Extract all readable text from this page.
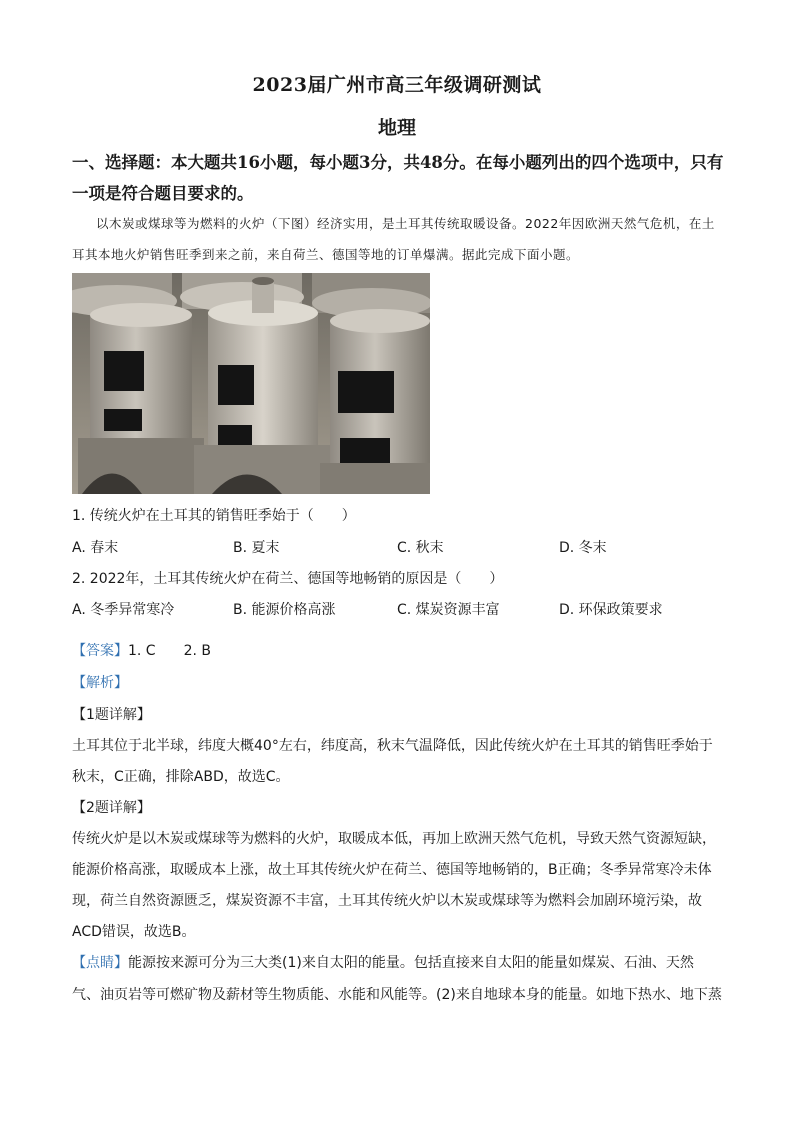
2023届广州市高三年级调研测试
地理
一、选择题：本大题共16小题，每小题3分，共48分。在每小题列出的四个选项中，只有一项是符合题目要求的。
以木炭或煤球等为燃料的火炉（下图）经济实用，是土耳其传统取暖设备。2022年因欧洲天然气危机，在土耳其本地火炉销售旺季到来之前，来自荷兰、德国等地的订单爆满。据此完成下面小题。
1. 传统火炉在土耳其的销售旺季始于（　　）
A. 春末	B. 夏末	C. 秋末	D. 冬末
2. 2022年，土耳其传统火炉在荷兰、德国等地畅销的原因是（　　）
A. 冬季异常寒冷	B. 能源价格高涨	C. 煤炭资源丰富	D. 环保政策要求
【答案】1. C　　2. B
【解析】
【1题详解】
土耳其位于北半球，纬度大概40°左右，纬度高，秋末气温降低，因此传统火炉在土耳其的销售旺季始于
秋末，C正确，排除ABD，故选C。
【2题详解】
传统火炉是以木炭或煤球等为燃料的火炉，取暖成本低，再加上欧洲天然气危机，导致天然气资源短缺，
能源价格高涨，取暖成本上涨，故土耳其传统火炉在荷兰、德国等地畅销的，B正确；冬季异常寒冷未体
现，荷兰自然资源匮乏，煤炭资源不丰富，土耳其传统火炉以木炭或煤球等为燃料会加剧环境污染，故
ACD错误，故选B。
【点睛】能源按来源可分为三大类(1)来自太阳的能量。包括直接来自太阳的能量如煤炭、石油、天然
气、油页岩等可燃矿物及薪材等生物质能、水能和风能等。(2)来自地球本身的能量。如地下热水、地下蒸
